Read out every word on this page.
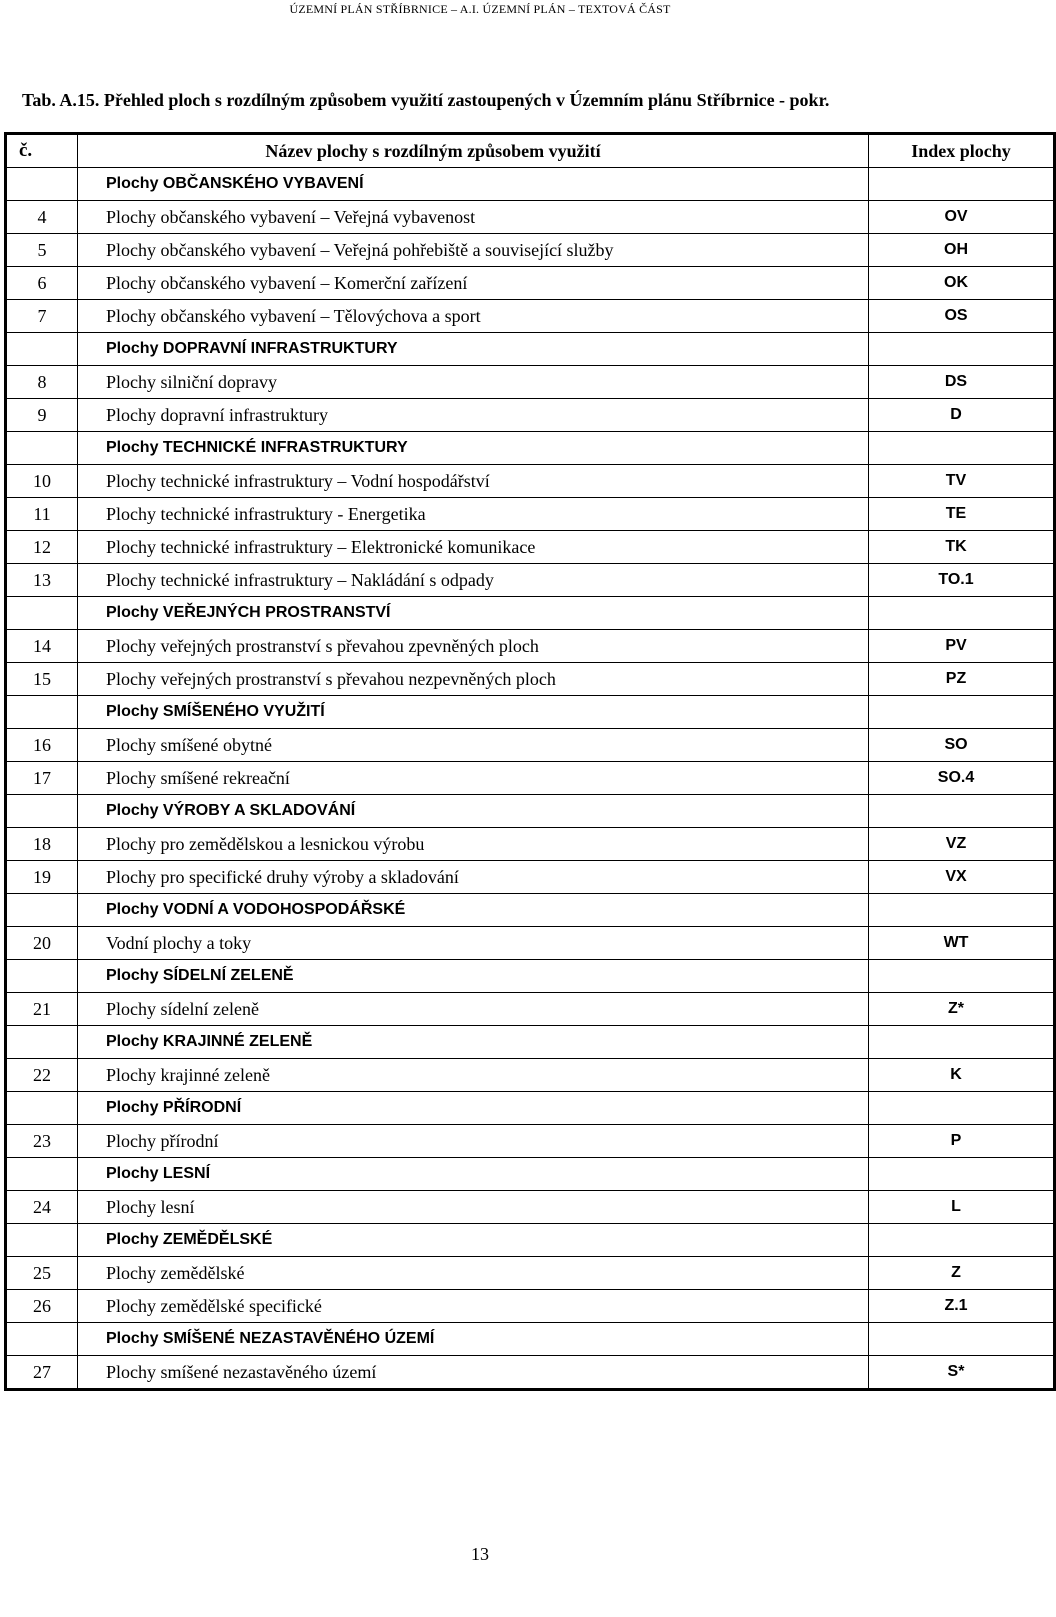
ÚZEMNÍ PLÁN STŘÍBRNICE – A.I. ÚZEMNÍ PLÁN – TEXTOVÁ ČÁST
Tab. A.15. Přehled ploch s rozdílným způsobem využití zastoupených v Územním plánu Stříbrnice - pokr.
č.	Název plochy s rozdílným způsobem využití	Index plochy
	Plochy OBČANSKÉHO VYBAVENÍ	
4	Plochy občanského vybavení – Veřejná vybavenost	OV
5	Plochy občanského vybavení – Veřejná pohřebiště a související služby	OH
6	Plochy občanského vybavení – Komerční zařízení	OK
7	Plochy občanského vybavení – Tělovýchova a sport	OS
	Plochy DOPRAVNÍ INFRASTRUKTURY	
8	Plochy silniční dopravy	DS
9	Plochy dopravní infrastruktury	D
	Plochy TECHNICKÉ INFRASTRUKTURY	
10	Plochy technické infrastruktury – Vodní hospodářství	TV
11	Plochy technické infrastruktury - Energetika	TE
12	Plochy technické infrastruktury – Elektronické komunikace	TK
13	Plochy technické infrastruktury – Nakládání s odpady	TO.1
	Plochy VEŘEJNÝCH PROSTRANSTVÍ	
14	Plochy veřejných prostranství s převahou zpevněných ploch	PV
15	Plochy veřejných prostranství s převahou nezpevněných ploch	PZ
	Plochy SMÍŠENÉHO VYUŽITÍ	
16	Plochy smíšené obytné	SO
17	Plochy smíšené rekreační	SO.4
	Plochy VÝROBY A SKLADOVÁNÍ	
18	Plochy pro zemědělskou a lesnickou výrobu	VZ
19	Plochy pro specifické druhy výroby a skladování	VX
	Plochy VODNÍ A VODOHOSPODÁŘSKÉ	
20	Vodní plochy a toky	WT
	Plochy SÍDELNÍ ZELENĚ	
21	Plochy sídelní zeleně	Z*
	Plochy KRAJINNÉ ZELENĚ	
22	Plochy krajinné zeleně	K
	Plochy PŘÍRODNÍ	
23	Plochy přírodní	P
	Plochy LESNÍ	
24	Plochy lesní	L
	Plochy ZEMĚDĚLSKÉ	
25	Plochy zemědělské	Z
26	Plochy zemědělské specifické	Z.1
	Plochy SMÍŠENÉ NEZASTAVĚNÉHO ÚZEMÍ	
27	Plochy smíšené nezastavěného území	S*
13
